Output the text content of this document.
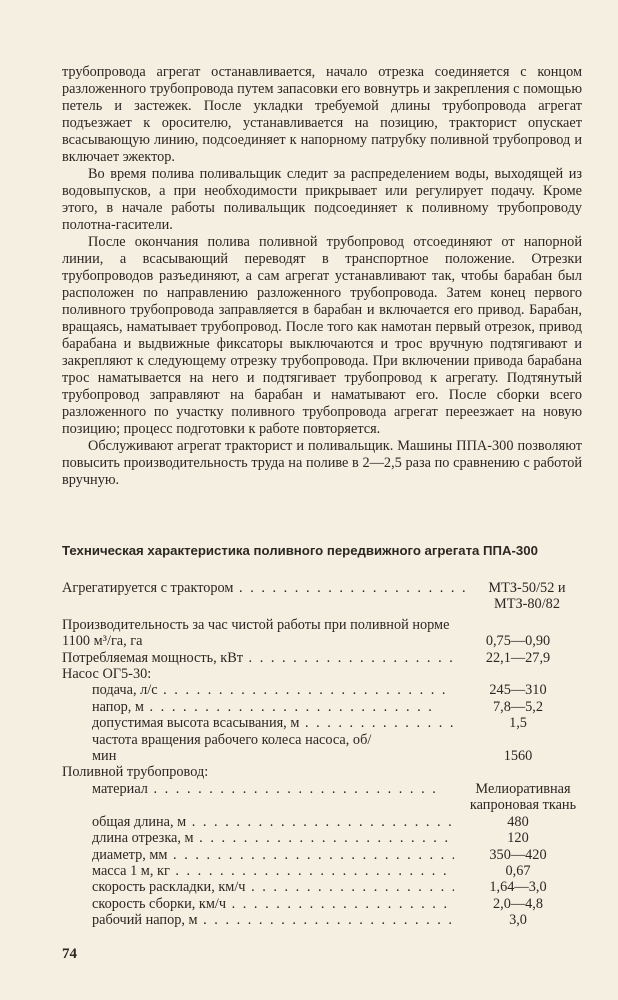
трубопровода агрегат останавливается, начало отрезка соединяется с концом разложенного трубопровода путем запасовки его вовнутрь и закрепления с помощью петель и застежек. После укладки требуемой длины трубопровода агрегат подъезжает к оросителю, устанавливается на позицию, тракторист опускает всасывающую линию, подсоединяет к напорному патрубку поливной трубопровод и включает эжектор.

Во время полива поливальщик следит за распределением воды, выходящей из водовыпусков, а при необходимости прикрывает или регулирует подачу. Кроме этого, в начале работы поливальщик подсоединяет к поливному трубопроводу полотна-гасители.

После окончания полива поливной трубопровод отсоединяют от напорной линии, а всасывающий переводят в транспортное положение. Отрезки трубопроводов разъединяют, а сам агрегат устанавливают так, чтобы барабан был расположен по направлению разложенного трубопровода. Затем конец первого поливного трубопровода заправляется в барабан и включается его привод. Барабан, вращаясь, наматывает трубопровод. После того как намотан первый отрезок, привод барабана и выдвижные фиксаторы выключаются и трос вручную подтягивают и закрепляют к следующему отрезку трубопровода. При включении привода барабана трос наматывается на него и подтягивает трубопровод к агрегату. Подтянутый трубопровод заправляют на барабан и наматывают его. После сборки всего разложенного по участку поливного трубопровода агрегат переезжает на новую позицию; процесс подготовки к работе повторяется.

Обслуживают агрегат тракторист и поливальщик. Машины ППА-300 позволяют повысить производительность труда на поливе в 2—2,5 раза по сравнению с работой вручную.

Техническая характеристика поливного передвижного агрегата ППА-300
Агрегатируется с трактором . . .	МТЗ-50/52 и МТЗ-80/82
Производительность за час чистой работы при поливной норме 1100 м³/га, га	0,75—0,90
Потребляемая мощность, кВт . . .	22,1—27,9
Насос ОГ5-30:
подача, л/с . . .	245—310
напор, м . . .	7,8—5,2
допустимая высота всасывания, м . . .	1,5
частота вращения рабочего колеса насоса, об/мин	1560
Поливной трубопровод:
материал . . .	Мелиоративная капроновая ткань
общая длина, м . . .	480
длина отрезка, м . . .	120
диаметр, мм . . .	350—420
масса 1 м, кг . . .	0,67
скорость раскладки, км/ч . . .	1,64—3,0
скорость сборки, км/ч . . .	2,0—4,8
рабочий напор, м . . .	3,0
74
